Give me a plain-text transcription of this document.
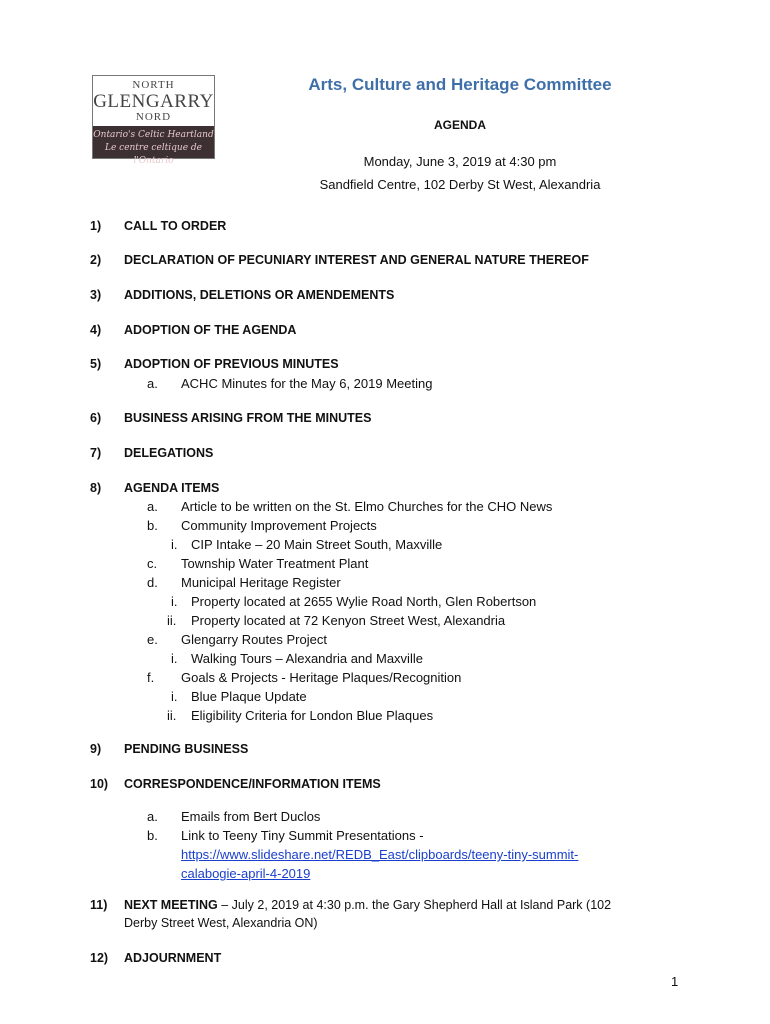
NORTH
GLENGARRY
NORD
Ontario's Celtic Heartland
Le centre celtique de l'Ontario
Arts, Culture and Heritage Committee
AGENDA
Monday, June 3, 2019 at 4:30 pm
Sandfield Centre, 102 Derby St West, Alexandria
1) CALL TO ORDER
2) DECLARATION OF PECUNIARY INTEREST AND GENERAL NATURE THEREOF
3) ADDITIONS, DELETIONS OR AMENDEMENTS
4) ADOPTION OF THE AGENDA
5) ADOPTION OF PREVIOUS MINUTES
a. ACHC Minutes for the May 6, 2019 Meeting
6) BUSINESS ARISING FROM THE MINUTES
7) DELEGATIONS
8) AGENDA ITEMS
a. Article to be written on the St. Elmo Churches for the CHO News
b. Community Improvement Projects
i. CIP Intake – 20 Main Street South, Maxville
c. Township Water Treatment Plant
d. Municipal Heritage Register
i. Property located at 2655 Wylie Road North, Glen Robertson
ii. Property located at 72 Kenyon Street West, Alexandria
e. Glengarry Routes Project
i. Walking Tours – Alexandria and Maxville
f. Goals & Projects - Heritage Plaques/Recognition
i. Blue Plaque Update
ii. Eligibility Criteria for London Blue Plaques
9) PENDING BUSINESS
10) CORRESPONDENCE/INFORMATION ITEMS
a. Emails from Bert Duclos
b. Link to Teeny Tiny Summit Presentations -
https://www.slideshare.net/REDB_East/clipboards/teeny-tiny-summit-
calabogie-april-4-2019
11) NEXT MEETING – July 2, 2019 at 4:30 p.m. the Gary Shepherd Hall at Island Park (102
Derby Street West, Alexandria ON)
12) ADJOURNMENT
1
